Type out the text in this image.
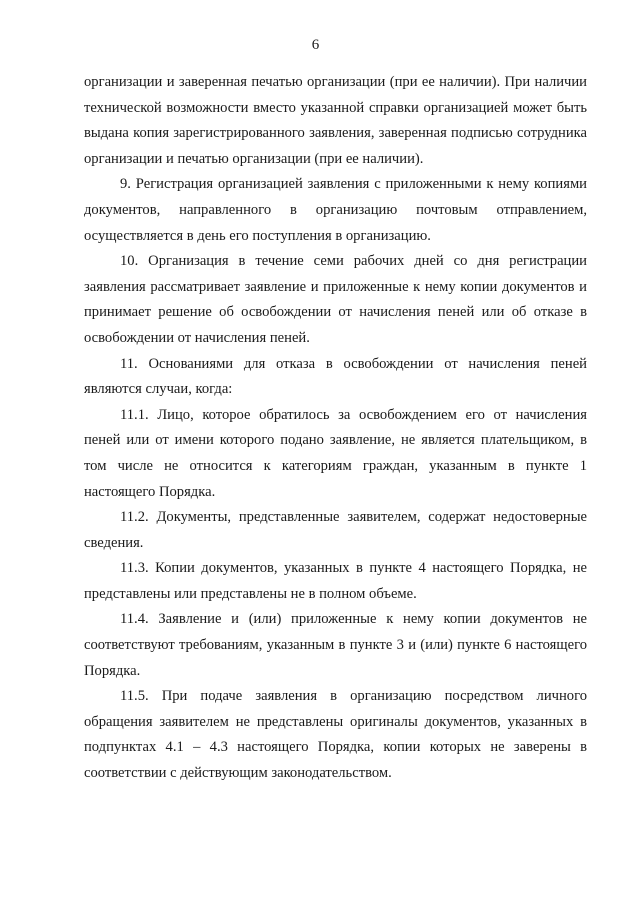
6

организации и заверенная печатью организации (при ее наличии). При наличии технической возможности вместо указанной справки организацией может быть выдана копия зарегистрированного заявления, заверенная подписью сотрудника организации и печатью организации (при ее наличии).

9. Регистрация организацией заявления с приложенными к нему копиями документов, направленного в организацию почтовым отправлением, осуществляется в день его поступления в организацию.

10. Организация в течение семи рабочих дней со дня регистрации заявления рассматривает заявление и приложенные к нему копии документов и принимает решение об освобождении от начисления пеней или об отказе в освобождении от начисления пеней.

11. Основаниями для отказа в освобождении от начисления пеней являются случаи, когда:

11.1. Лицо, которое обратилось за освобождением его от начисления пеней или от имени которого подано заявление, не является плательщиком, в том числе не относится к категориям граждан, указанным в пункте 1 настоящего Порядка.

11.2. Документы, представленные заявителем, содержат недостоверные сведения.

11.3. Копии документов, указанных в пункте 4 настоящего Порядка, не представлены или представлены не в полном объеме.

11.4. Заявление и (или) приложенные к нему копии документов не соответствуют требованиям, указанным в пункте 3 и (или) пункте 6 настоящего Порядка.

11.5. При подаче заявления в организацию посредством личного обращения заявителем не представлены оригиналы документов, указанных в подпунктах 4.1 – 4.3 настоящего Порядка, копии которых не заверены в соответствии с действующим законодательством.
